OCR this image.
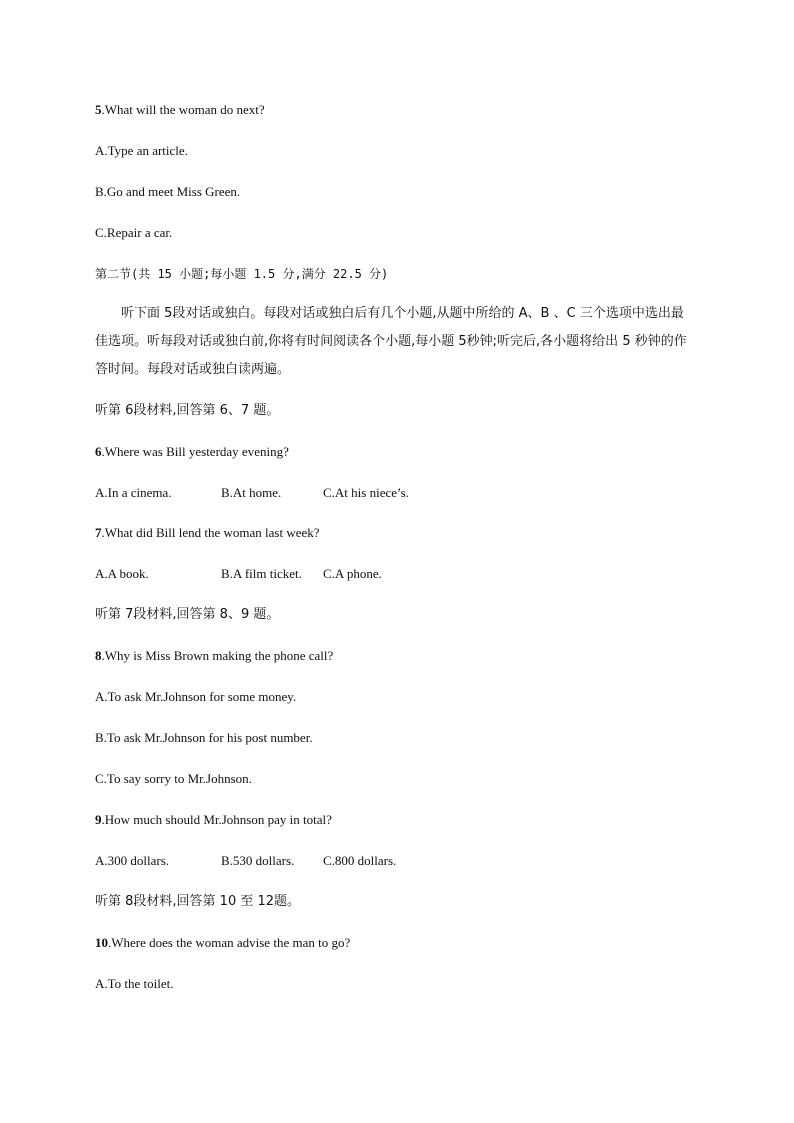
5.What will the woman do next?
A.Type an article.
B.Go and meet Miss Green.
C.Repair a car.
第二节(共 15 小题;每小题 1.5 分,满分 22.5 分)
听下面 5段对话或独白。每段对话或独白后有几个小题,从题中所给的 A、B 、C 三个选项中选出最佳选项。听每段对话或独白前,你将有时间阅读各个小题,每小题 5秒钟;听完后,各小题将给出 5 秒钟的作答时间。每段对话或独白读两遍。
听第 6段材料,回答第 6、7 题。
6.Where was Bill yesterday evening?
A.In a cinema.	B.At home.	C.At his niece’s.
7.What did Bill lend the woman last week?
A.A book.	B.A film ticket. C.A phone.
听第 7段材料,回答第 8、9 题。
8.Why is Miss Brown making the phone call?
A.To ask Mr.Johnson for some money.
B.To ask Mr.Johnson for his post number.
C.To say sorry to Mr.Johnson.
9.How much should Mr.Johnson pay in total?
A.300 dollars.	B.530 dollars. C.800 dollars.
听第 8段材料,回答第 10 至 12题。
10.Where does the woman advise the man to go?
A.To the toilet.
